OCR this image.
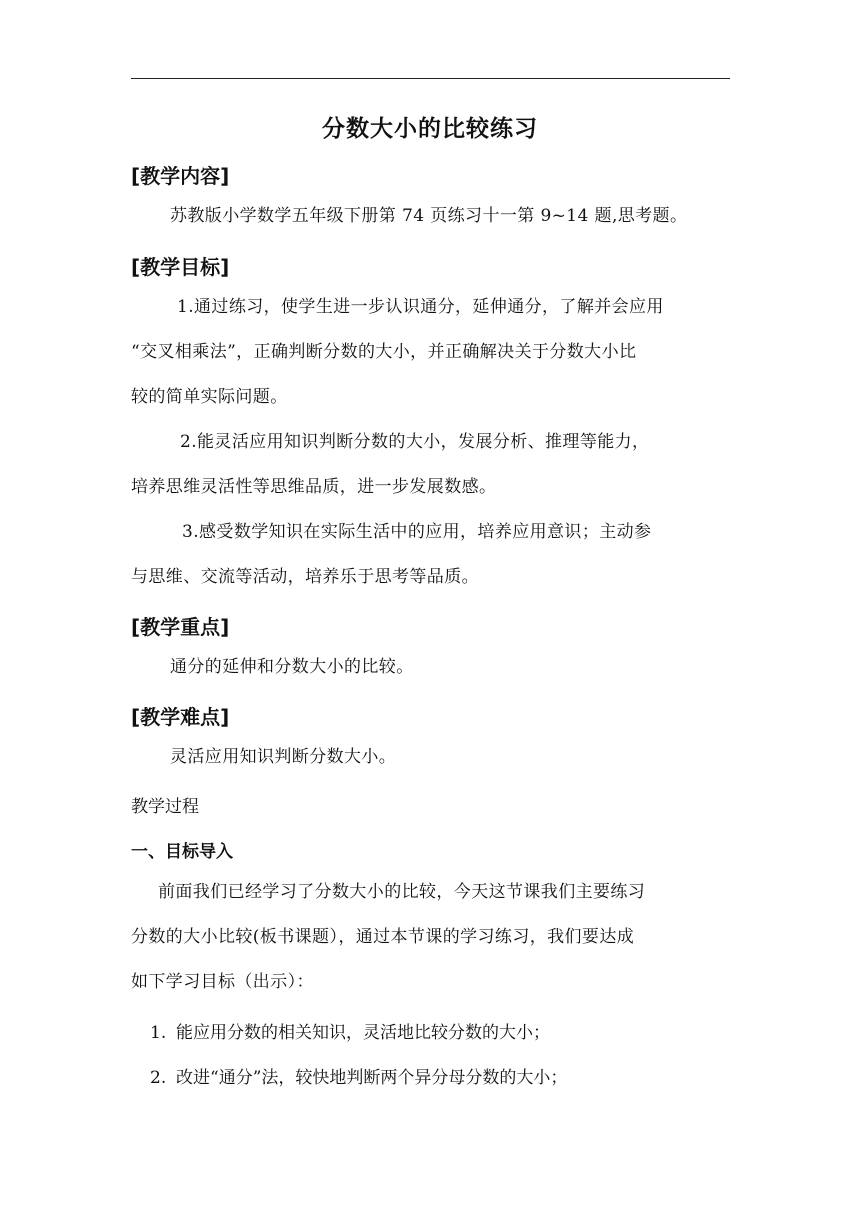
分数大小的比较练习
[教学内容]
苏教版小学数学五年级下册第 74 页练习十一第 9~14 题,思考题。
[教学目标]
1.通过练习，使学生进一步认识通分，延伸通分，了解并会应用
“交叉相乘法”，正确判断分数的大小，并正确解决关于分数大小比
较的简单实际问题。
2.能灵活应用知识判断分数的大小，发展分析、推理等能力，
培养思维灵活性等思维品质，进一步发展数感。
3.感受数学知识在实际生活中的应用，培养应用意识；主动参
与思维、交流等活动，培养乐于思考等品质。
[教学重点]
通分的延伸和分数大小的比较。
[教学难点]
灵活应用知识判断分数大小。
教学过程
一、目标导入
前面我们已经学习了分数大小的比较，今天这节课我们主要练习
分数的大小比较(板书课题），通过本节课的学习练习，我们要达成
如下学习目标（出示）：
1. 能应用分数的相关知识，灵活地比较分数的大小；
2. 改进“通分”法，较快地判断两个异分母分数的大小；
